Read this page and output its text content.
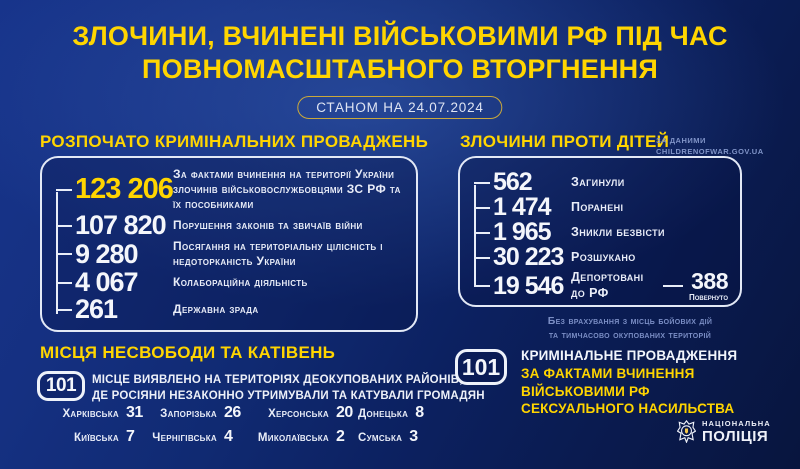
ЗЛОЧИНИ, ВЧИНЕНІ ВІЙСЬКОВИМИ РФ ПІД ЧАС
ПОВНОМАСШТАБНОГО ВТОРГНЕННЯ
СТАНОМ НА 24.07.2024
РОЗПОЧАТО КРИМІНАЛЬНИХ ПРОВАДЖЕНЬ
123 206 За фактами вчинення на території України злочинів військовослужбовцями ЗС РФ та їх пособниками
107 820 Порушення законів та звичаїв війни
9 280	Посягання на територіальну цілісність і недоторканість України
4 067	Колабораційна діяльність
261	Державна зрада
ЗЛОЧИНИ ПРОТИ ДІТЕЙ
ЗА ДАНИМИ
CHILDRENOFWAR.GOV.UA
562	Загинули
1 474	Поранені
1 965	Зникли безвісти
30 223 Розшукано
19 546 Депортовані до РФ	388
Повернуто
Без врахування з місць бойових дій
та тимчасово окупованих територій
МІСЦЯ НЕСВОБОДИ ТА КАТІВЕНЬ
101	МІСЦЕ ВИЯВЛЕНО НА ТЕРИТОРІЯХ ДЕОКУПОВАНИХ РАЙОНІВ,
ДЕ РОСІЯНИ НЕЗАКОННО УТРИМУВАЛИ ТА КАТУВАЛИ ГРОМАДЯН
Харківська 31	Запорізька 26	Херсонська 20 Донецька 8
Київська 7	Чернігівська 4	Миколаївська 2	Сумська 3
101	КРИМІНАЛЬНЕ ПРОВАДЖЕННЯ
ЗА ФАКТАМИ ВЧИНЕННЯ
ВІЙСЬКОВИМИ РФ
СЕКСУАЛЬНОГО НАСИЛЬСТВА
НАЦІОНАЛЬНА
ПОЛІЦІЯ
